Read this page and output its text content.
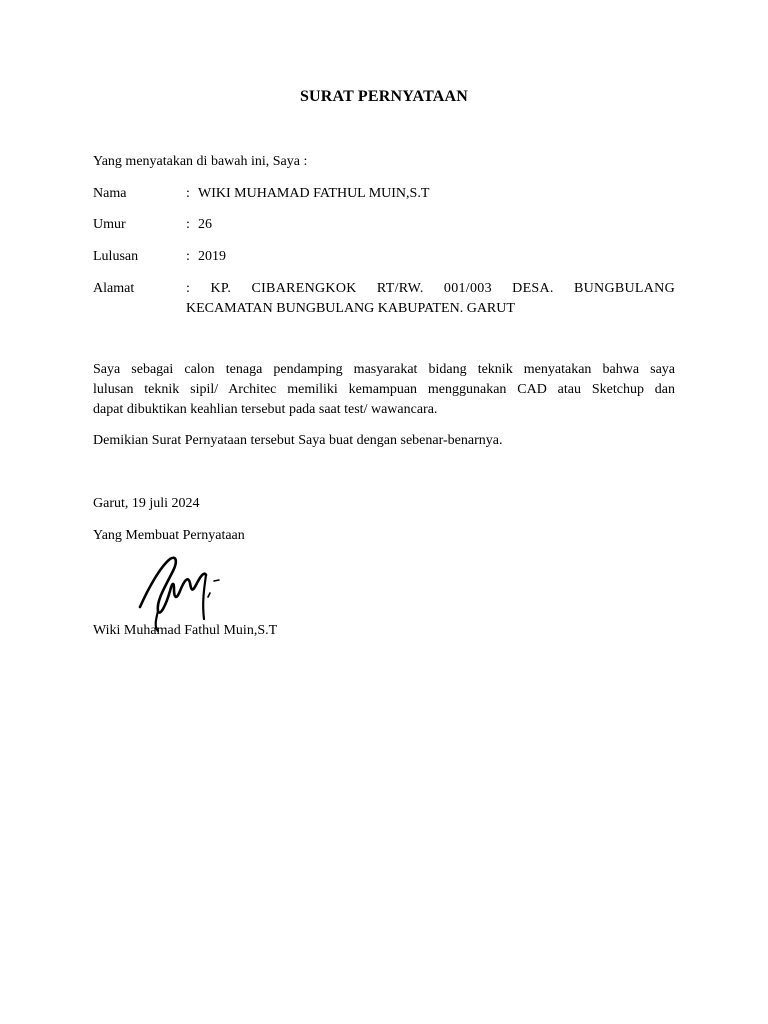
SURAT PERNYATAAN
Yang menyatakan di bawah ini, Saya :
Nama	: WIKI MUHAMAD FATHUL MUIN,S.T
Umur	: 26
Lulusan	: 2019
Alamat	: KP. CIBARENGKOK RT/RW. 001/003 DESA. BUNGBULANG
KECAMATAN BUNGBULANG KABUPATEN. GARUT
Saya sebagai calon tenaga pendamping masyarakat bidang teknik menyatakan bahwa saya
lulusan teknik sipil/ Architec memiliki kemampuan menggunakan CAD atau Sketchup dan
dapat dibuktikan keahlian tersebut pada saat test/ wawancara.
Demikian Surat Pernyataan tersebut Saya buat dengan sebenar-benarnya.
Garut, 19 juli 2024
Yang Membuat Pernyataan
Wiki Muhamad Fathul Muin,S.T
